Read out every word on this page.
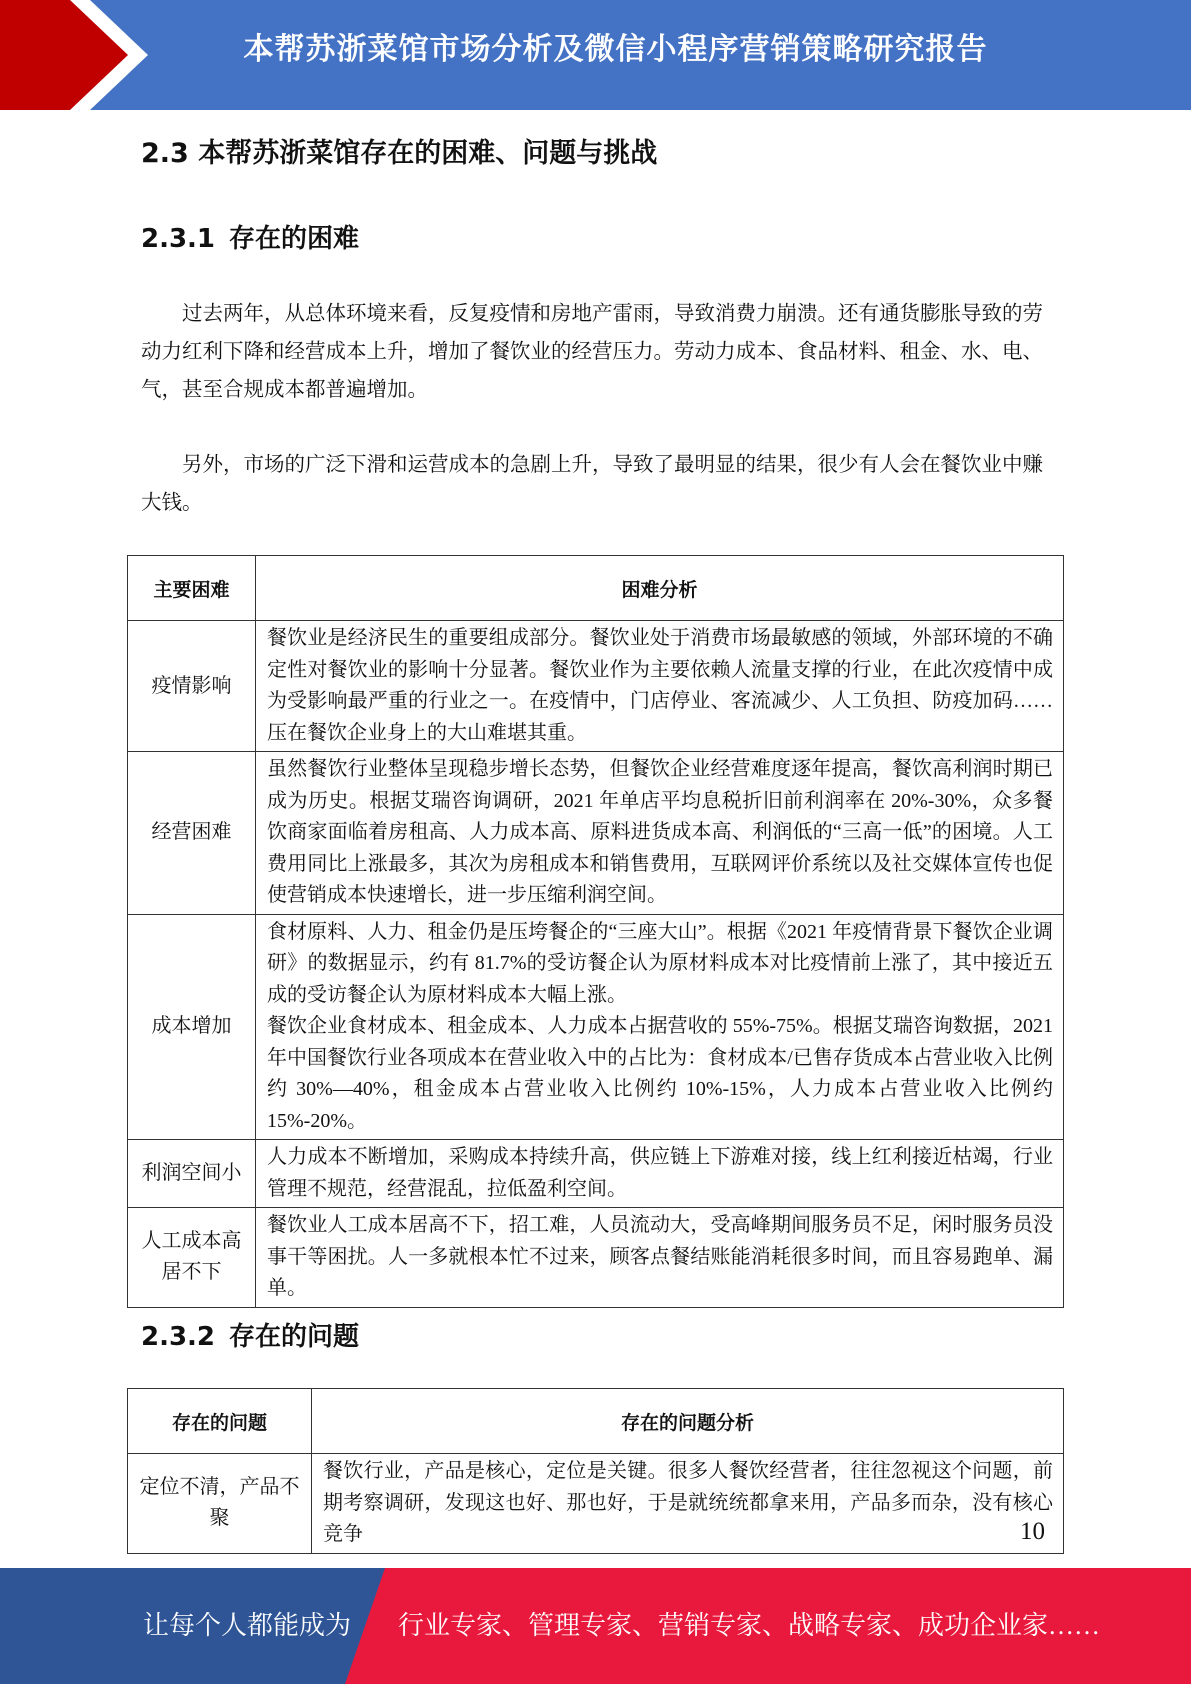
本帮苏浙菜馆市场分析及微信小程序营销策略研究报告
2.3 本帮苏浙菜馆存在的困难、问题与挑战
2.3.1 存在的困难

过去两年，从总体环境来看，反复疫情和房地产雷雨，导致消费力崩溃。还有通货膨胀导致的劳动力红利下降和经营成本上升，增加了餐饮业的经营压力。劳动力成本、食品材料、租金、水、电、气，甚至合规成本都普遍增加。

另外，市场的广泛下滑和运营成本的急剧上升，导致了最明显的结果，很少有人会在餐饮业中赚大钱。

主要困难	困难分析
疫情影响	餐饮业是经济民生的重要组成部分。餐饮业处于消费市场最敏感的领域，外部环境的不确定性对餐饮业的影响十分显著。餐饮业作为主要依赖人流量支撑的行业，在此次疫情中成为受影响最严重的行业之一。在疫情中，门店停业、客流减少、人工负担、防疫加码……压在餐饮企业身上的大山难堪其重。
经营困难	虽然餐饮行业整体呈现稳步增长态势，但餐饮企业经营难度逐年提高，餐饮高利润时期已成为历史。根据艾瑞咨询调研，2021 年单店平均息税折旧前利润率在 20%-30%，众多餐饮商家面临着房租高、人力成本高、原料进货成本高、利润低的“三高一低”的困境。人工费用同比上涨最多，其次为房租成本和销售费用，互联网评价系统以及社交媒体宣传也促使营销成本快速增长，进一步压缩利润空间。
成本增加	食材原料、人力、租金仍是压垮餐企的“三座大山”。根据《2021 年疫情背景下餐饮企业调研》的数据显示，约有 81.7%的受访餐企认为原材料成本对比疫情前上涨了，其中接近五成的受访餐企认为原材料成本大幅上涨。
餐饮企业食材成本、租金成本、人力成本占据营收的 55%-75%。根据艾瑞咨询数据，2021 年中国餐饮行业各项成本在营业收入中的占比为：食材成本/已售存货成本占营业收入比例约 30%—40%，租金成本占营业收入比例约 10%-15%，人力成本占营业收入比例约 15%-20%。

利润空间小	人力成本不断增加，采购成本持续升高，供应链上下游难对接，线上红利接近枯竭，行业管理不规范，经营混乱，拉低盈利空间。
人工成本高居不下	餐饮业人工成本居高不下，招工难，人员流动大，受高峰期间服务员不足，闲时服务员没事干等困扰。人一多就根本忙不过来，顾客点餐结账能消耗很多时间，而且容易跑单、漏单。
2.3.2 存在的问题
存在的问题	存在的问题分析
定位不清，产品不聚	餐饮行业，产品是核心，定位是关键。很多人餐饮经营者，往往忽视这个问题，前期考察调研，发现这也好、那也好，于是就统统都拿来用，产品多而杂，没有核心竞争	10
让每个人都能成为 行业专家、管理专家、营销专家、战略专家、成功企业家……
